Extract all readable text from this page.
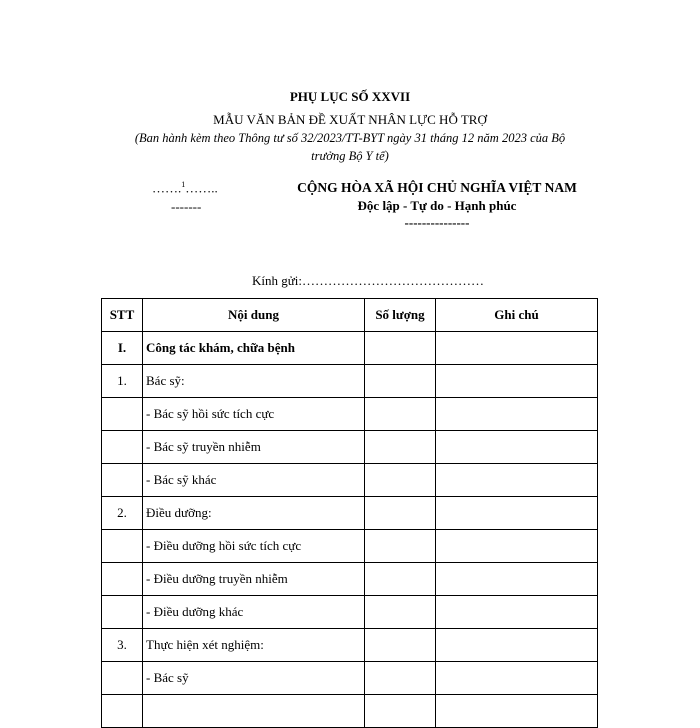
PHỤ LỤC SỐ XXVII
MẪU VĂN BẢN ĐỀ XUẤT NHÂN LỰC HỖ TRỢ
(Ban hành kèm theo Thông tư số 32/2023/TT-BYT ngày 31 tháng 12 năm 2023 của Bộ
trưởng Bộ Y tế)
…….$^1$……..
-------
CỘNG HÒA XÃ HỘI CHỦ NGHĨA VIỆT NAM
Độc lập - Tự do - Hạnh phúc
---------------
Kính gửi:……………………………………
STT	Nội dung	Số lượng	Ghi chú
I.	Công tác khám, chữa bệnh		
1.	Bác sỹ:		
	- Bác sỹ hồi sức tích cực		
	- Bác sỹ truyền nhiễm		
	- Bác sỹ khác		
2.	Điều dưỡng:		
	- Điều dưỡng hồi sức tích cực		
	- Điều dưỡng truyền nhiễm		
	- Điều dưỡng khác		
3.	Thực hiện xét nghiệm:		
	- Bác sỹ		
